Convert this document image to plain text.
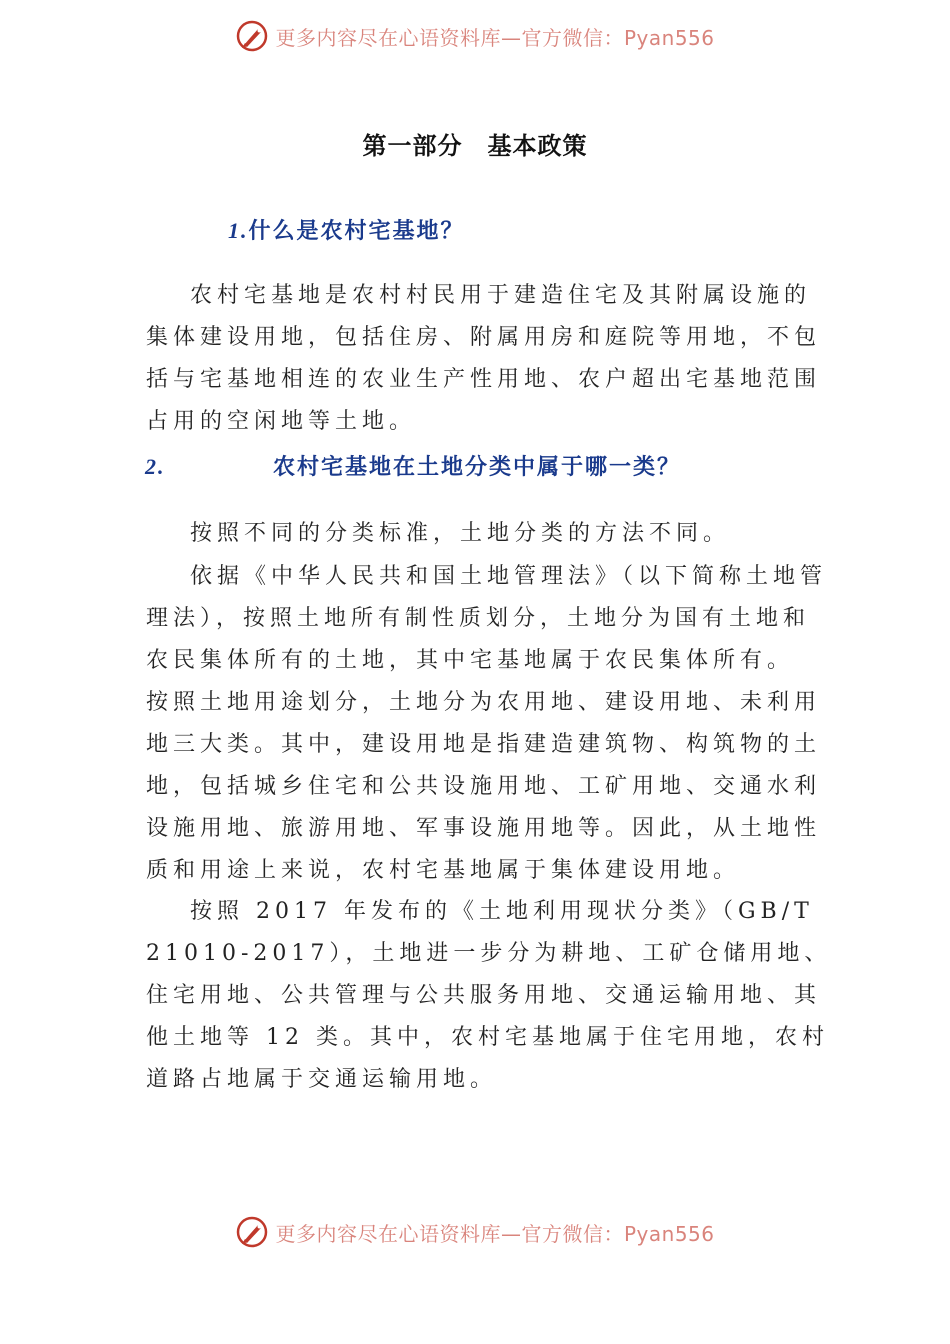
更多内容尽在心语资料库—官方微信：Pyan556
第一部分　基本政策
1.什么是农村宅基地？

农村宅基地是农村村民用于建造住宅及其附属设施的集体建设用地，包括住房、附属用房和庭院等用地，不包括与宅基地相连的农业生产性用地、农户超出宅基地范围占用的空闲地等土地。

2.	农村宅基地在土地分类中属于哪一类？

按照不同的分类标准，土地分类的方法不同。

依据《中华人民共和国土地管理法》（以下简称土地管理法），按照土地所有制性质划分，土地分为国有土地和农民集体所有的土地，其中宅基地属于农民集体所有。

按照土地用途划分，土地分为农用地、建设用地、未利用地三大类。其中，建设用地是指建造建筑物、构筑物的土地，包括城乡住宅和公共设施用地、工矿用地、交通水利设施用地、旅游用地、军事设施用地等。因此，从土地性质和用途上来说，农村宅基地属于集体建设用地。

按照 2017 年发布的《土地利用现状分类》（GB/T 21010-2017），土地进一步分为耕地、工矿仓储用地、住宅用地、公共管理与公共服务用地、交通运输用地、其他土地等 12 类。其中，农村宅基地属于住宅用地，农村道路占地属于交通运输用地。

更多内容尽在心语资料库—官方微信：Pyan556
